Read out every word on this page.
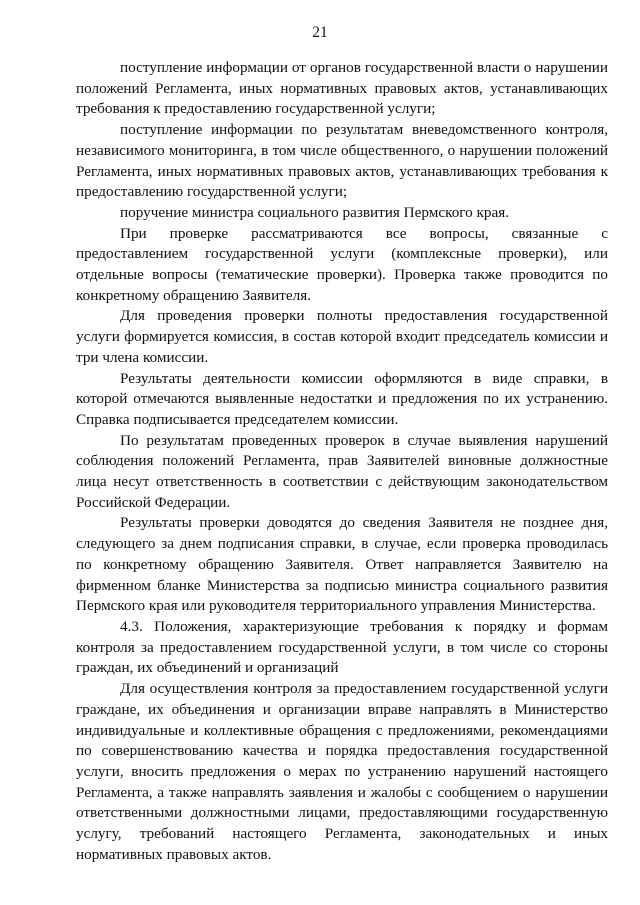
21

поступление информации от органов государственной власти о нарушении положений Регламента, иных нормативных правовых актов, устанавливающих требования к предоставлению государственной услуги;

поступление информации по результатам вневедомственного контроля, независимого мониторинга, в том числе общественного, о нарушении положений Регламента, иных нормативных правовых актов, устанавливающих требования к предоставлению государственной услуги;

поручение министра социального развития Пермского края.

При проверке рассматриваются все вопросы, связанные с предоставлением государственной услуги (комплексные проверки), или отдельные вопросы (тематические проверки). Проверка также проводится по конкретному обращению Заявителя.

Для проведения проверки полноты предоставления государственной услуги формируется комиссия, в состав которой входит председатель комиссии и три члена комиссии.

Результаты деятельности комиссии оформляются в виде справки, в которой отмечаются выявленные недостатки и предложения по их устранению. Справка подписывается председателем комиссии.

По результатам проведенных проверок в случае выявления нарушений соблюдения положений Регламента, прав Заявителей виновные должностные лица несут ответственность в соответствии с действующим законодательством Российской Федерации.

Результаты проверки доводятся до сведения Заявителя не позднее дня, следующего за днем подписания справки, в случае, если проверка проводилась по конкретному обращению Заявителя. Ответ направляется Заявителю на фирменном бланке Министерства за подписью министра социального развития Пермского края или руководителя территориального управления Министерства.

4.3. Положения, характеризующие требования к порядку и формам контроля за предоставлением государственной услуги, в том числе со стороны граждан, их объединений и организаций

Для осуществления контроля за предоставлением государственной услуги граждане, их объединения и организации вправе направлять в Министерство индивидуальные и коллективные обращения с предложениями, рекомендациями по совершенствованию качества и порядка предоставления государственной услуги, вносить предложения о мерах по устранению нарушений настоящего Регламента, а также направлять заявления и жалобы с сообщением о нарушении ответственными должностными лицами, предоставляющими государственную услугу, требований настоящего Регламента, законодательных и иных нормативных правовых актов.
